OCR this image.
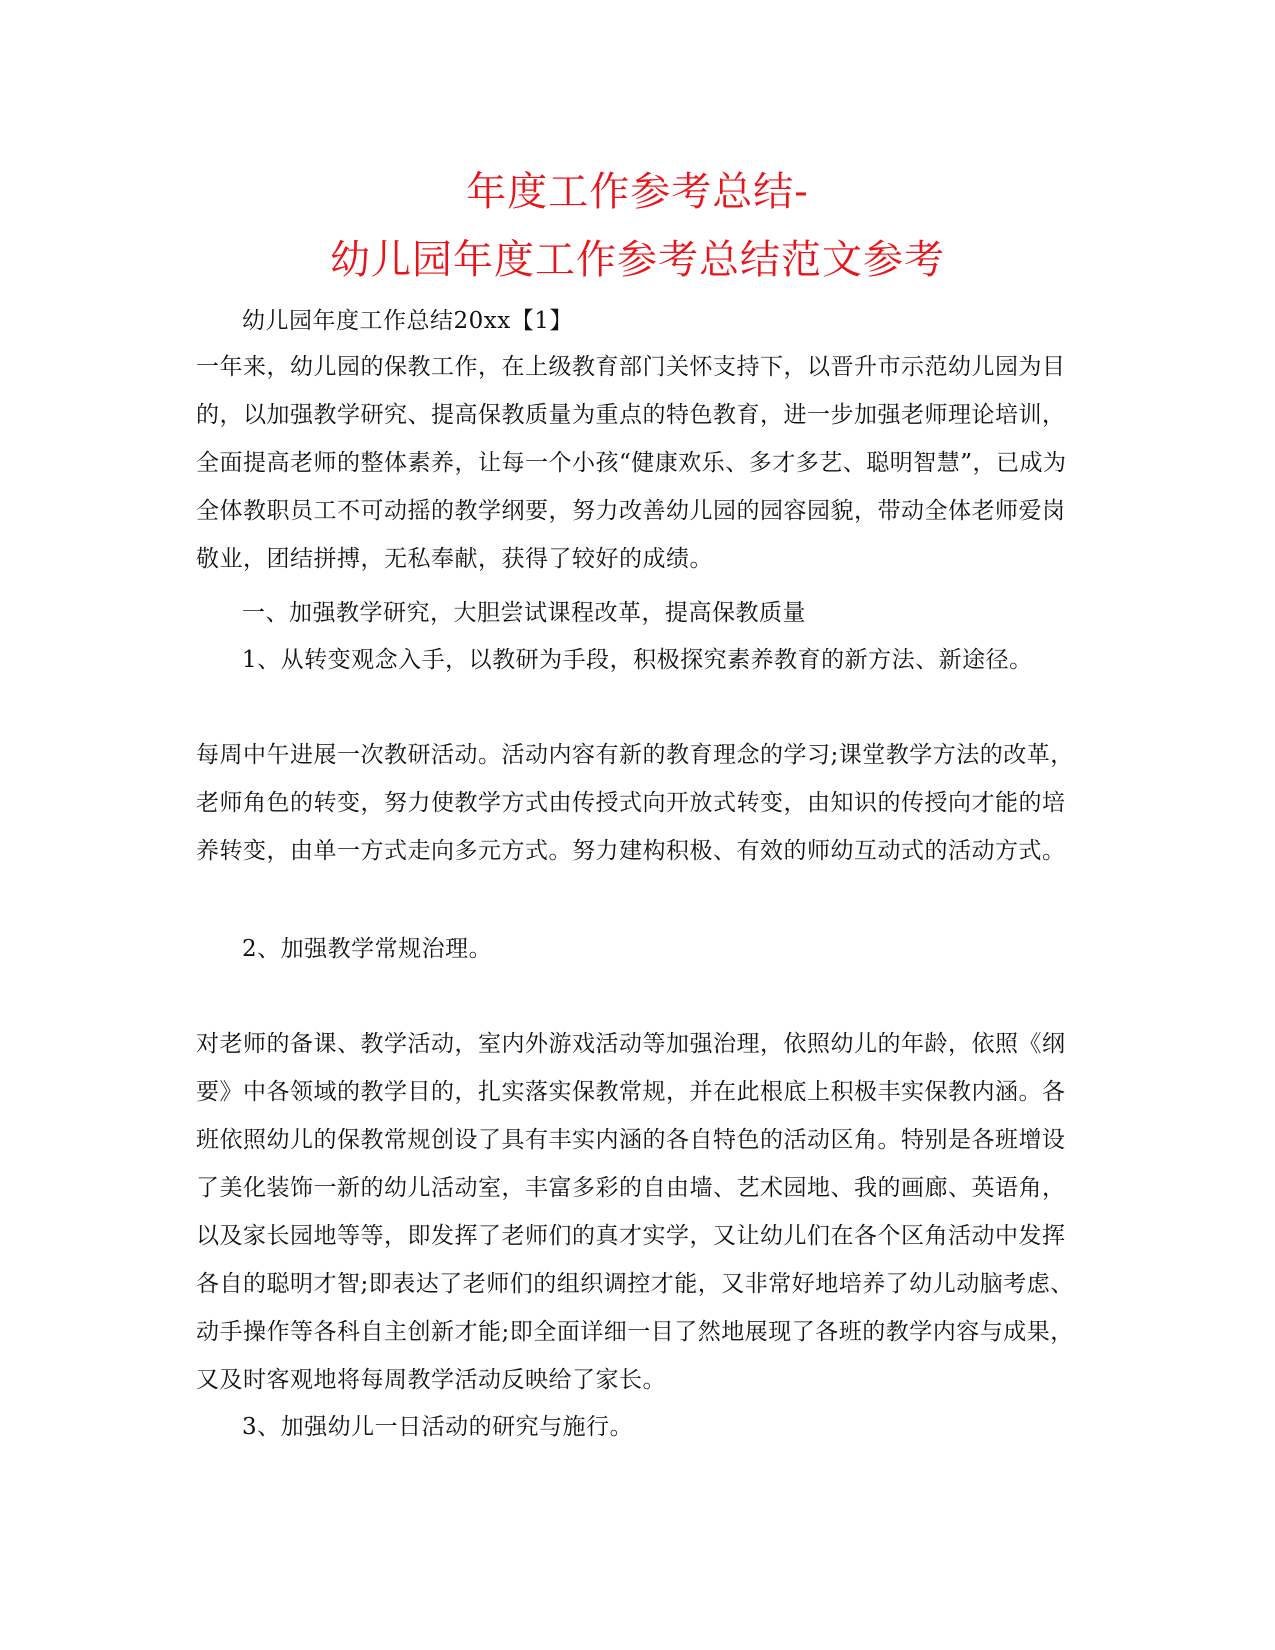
年度工作参考总结-
幼儿园年度工作参考总结范文参考

幼儿园年度工作总结20xx【1】

一年来，幼儿园的保教工作，在上级教育部门关怀支持下，以晋升市示范幼儿园为目的，以加强教学研究、提高保教质量为重点的特色教育，进一步加强老师理论培训，全面提高老师的整体素养，让每一个小孩“健康欢乐、多才多艺、聪明智慧”，已成为全体教职员工不可动摇的教学纲要，努力改善幼儿园的园容园貌，带动全体老师爱岗敬业，团结拼搏，无私奉献，获得了较好的成绩。

一、加强教学研究，大胆尝试课程改革，提高保教质量

1、从转变观念入手，以教研为手段，积极探究素养教育的新方法、新途径。

每周中午进展一次教研活动。活动内容有新的教育理念的学习;课堂教学方法的改革，老师角色的转变，努力使教学方式由传授式向开放式转变，由知识的传授向才能的培养转变，由单一方式走向多元方式。努力建构积极、有效的师幼互动式的活动方式。

2、加强教学常规治理。

对老师的备课、教学活动，室内外游戏活动等加强治理，依照幼儿的年龄，依照《纲要》中各领域的教学目的，扎实落实保教常规，并在此根底上积极丰实保教内涵。各班依照幼儿的保教常规创设了具有丰实内涵的各自特色的活动区角。特别是各班增设了美化装饰一新的幼儿活动室，丰富多彩的自由墙、艺术园地、我的画廊、英语角，以及家长园地等等，即发挥了老师们的真才实学，又让幼儿们在各个区角活动中发挥各自的聪明才智;即表达了老师们的组织调控才能，又非常好地培养了幼儿动脑考虑、动手操作等各科自主创新才能;即全面详细一目了然地展现了各班的教学内容与成果，又及时客观地将每周教学活动反映给了家长。

3、加强幼儿一日活动的研究与施行。
